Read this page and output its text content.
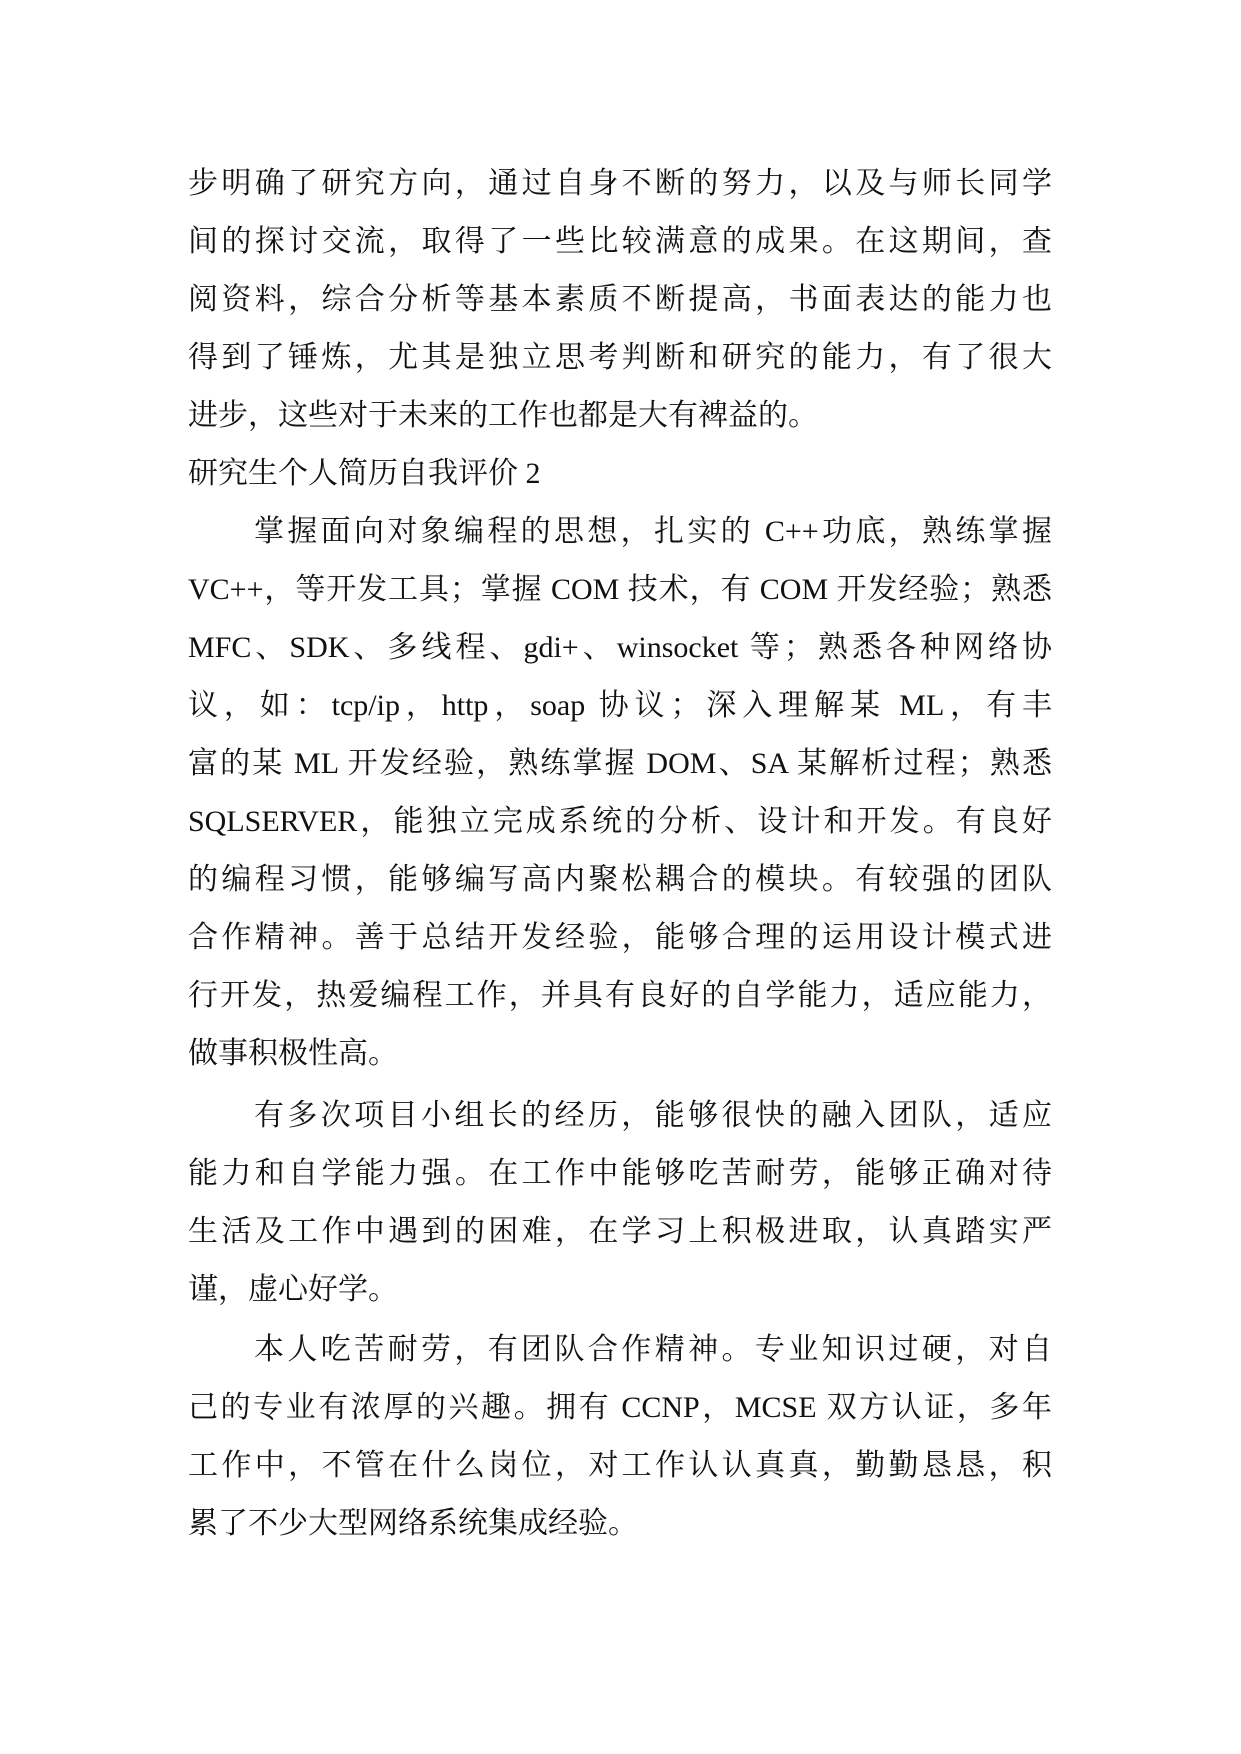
步明确了研究方向，通过自身不断的努力，以及与师长同学
间的探讨交流，取得了一些比较满意的成果。在这期间，查
阅资料，综合分析等基本素质不断提高，书面表达的能力也
得到了锤炼，尤其是独立思考判断和研究的能力，有了很大
进步，这些对于未来的工作也都是大有裨益的。
研究生个人简历自我评价 2
掌握面向对象编程的思想，扎实的 C++功底，熟练掌握
VC++，等开发工具；掌握 COM 技术，有 COM 开发经验；熟悉
MFC、SDK、多线程、gdi+、winsocket 等；熟悉各种网络协
议，如：tcp/ip，http，soap 协议；深入理解某 ML，有丰
富的某 ML 开发经验，熟练掌握 DOM、SA 某解析过程；熟悉
SQLSERVER，能独立完成系统的分析、设计和开发。有良好
的编程习惯，能够编写高内聚松耦合的模块。有较强的团队
合作精神。善于总结开发经验，能够合理的运用设计模式进
行开发，热爱编程工作，并具有良好的自学能力，适应能力，
做事积极性高。
有多次项目小组长的经历，能够很快的融入团队，适应
能力和自学能力强。在工作中能够吃苦耐劳，能够正确对待
生活及工作中遇到的困难，在学习上积极进取，认真踏实严
谨，虚心好学。
本人吃苦耐劳，有团队合作精神。专业知识过硬，对自
己的专业有浓厚的兴趣。拥有 CCNP，MCSE 双方认证，多年
工作中，不管在什么岗位，对工作认认真真，勤勤恳恳，积
累了不少大型网络系统集成经验。
